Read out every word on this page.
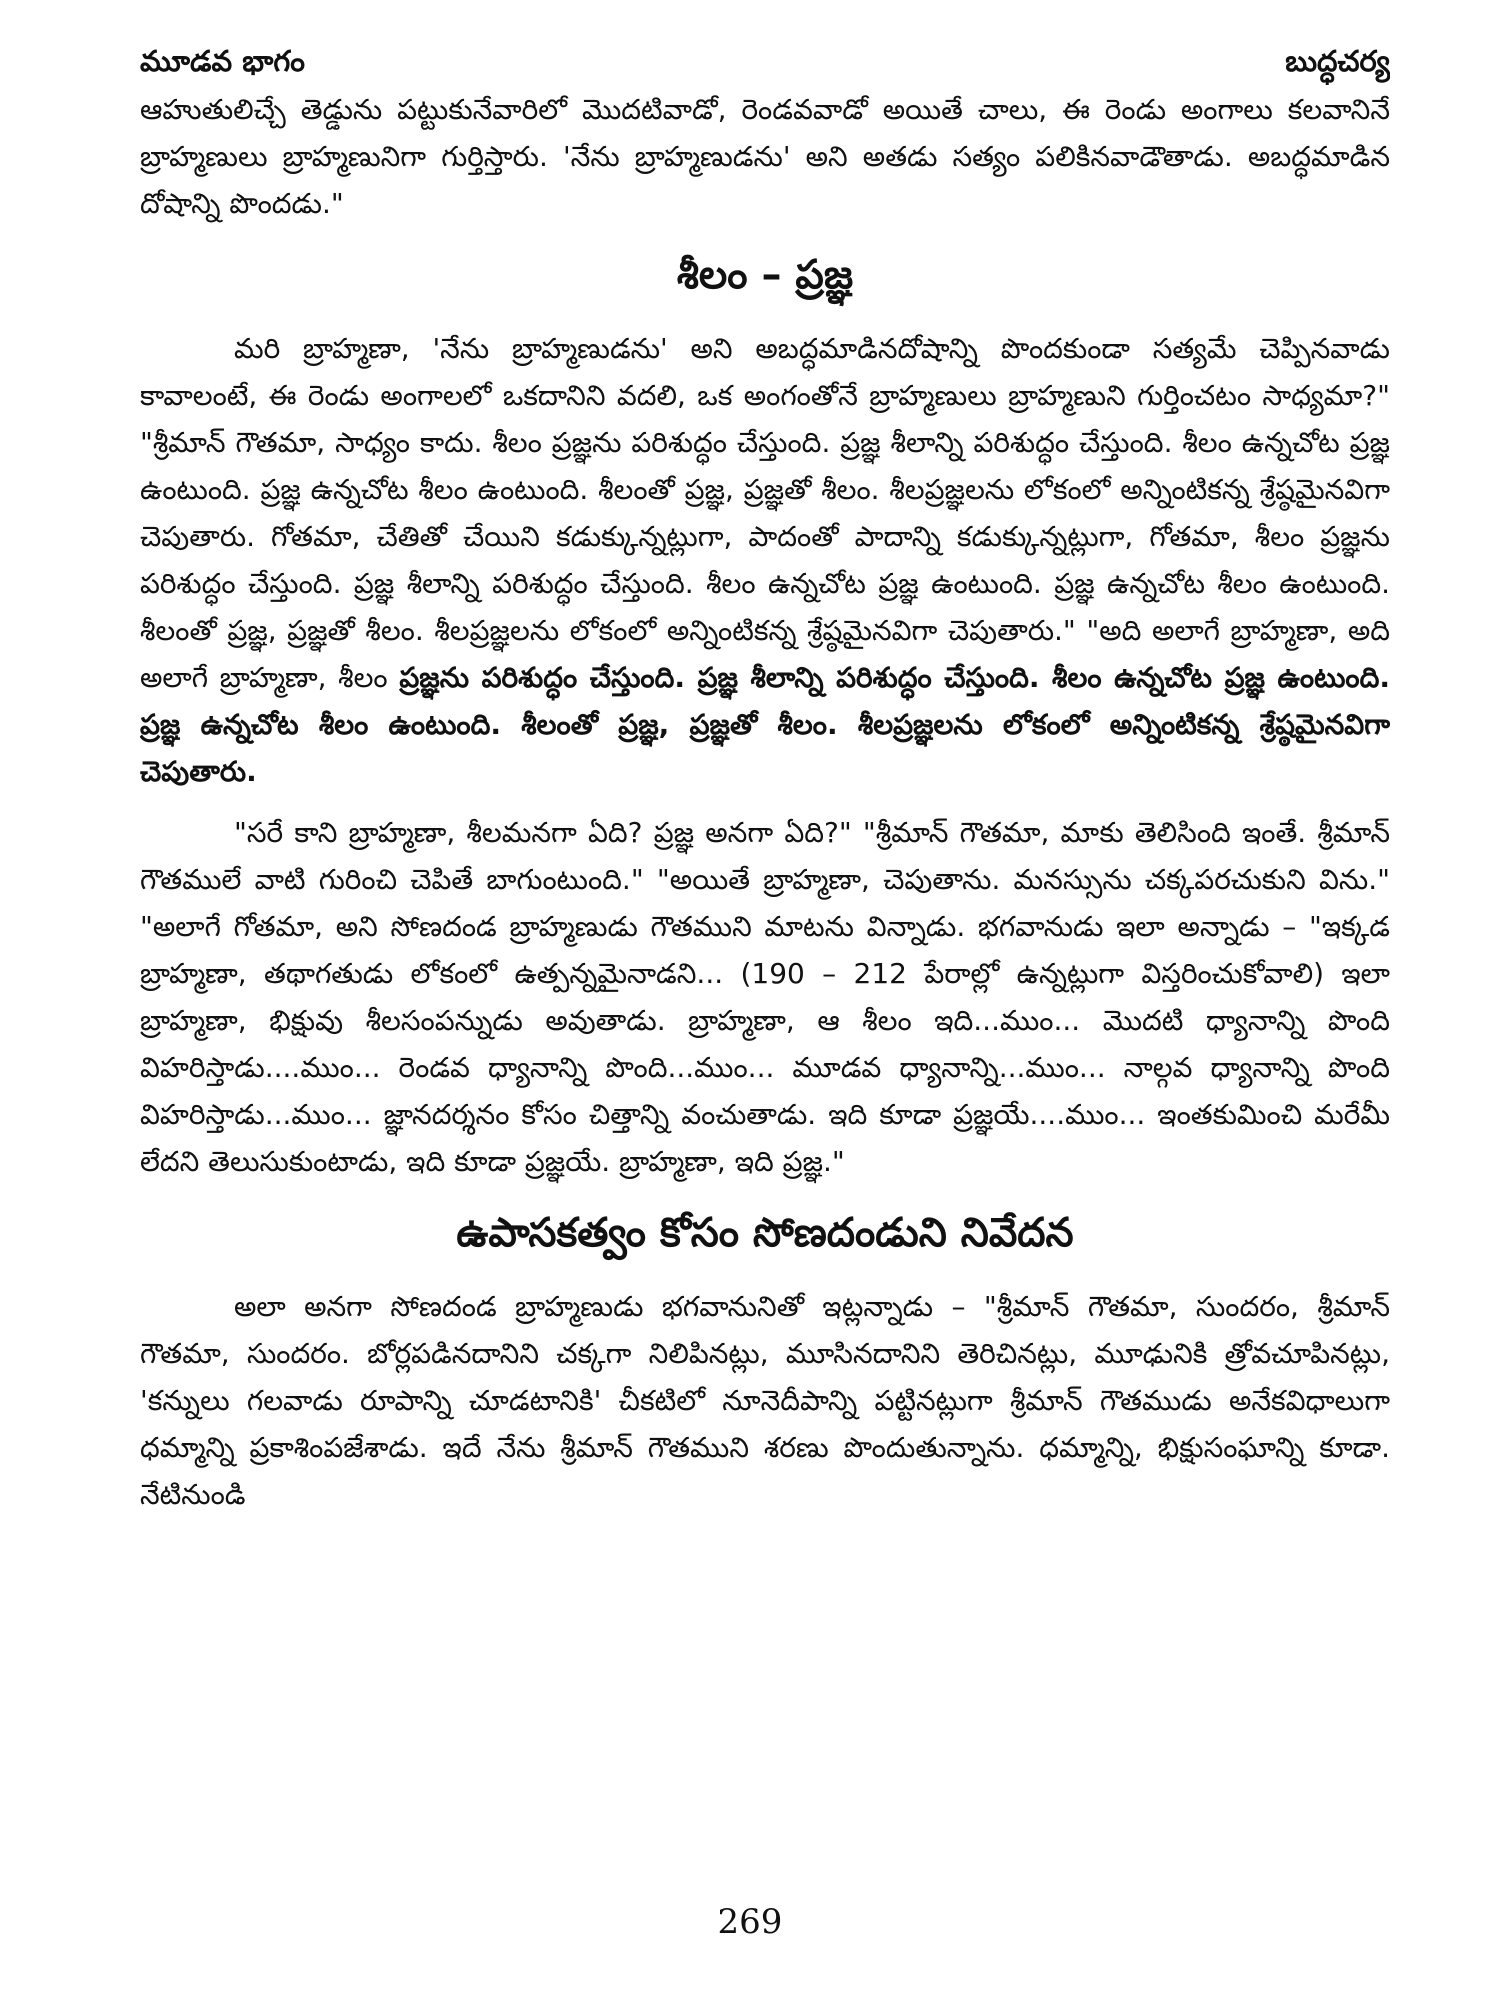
మూడవ భాగం	బుద్ధచర్య

ఆహుతులిచ్చే తెడ్డును పట్టుకునేవారిలో మొదటివాడో, రెండవవాడో అయితే చాలు, ఈ రెండు అంగాలు కలవానినే బ్రాహ్మణులు బ్రాహ్మణునిగా గుర్తిస్తారు. 'నేను బ్రాహ్మణుడను' అని అతడు సత్యం పలికినవాడౌతాడు. అబద్ధమాడిన దోషాన్ని పొందడు."

శీలం – ప్రజ్ఞ

మరి బ్రాహ్మణా, 'నేను బ్రాహ్మణుడను' అని అబద్ధమాడినదోషాన్ని పొందకుండా సత్యమే చెప్పినవాడు కావాలంటే, ఈ రెండు అంగాలలో ఒకదానిని వదలి, ఒక అంగంతోనే బ్రాహ్మణులు బ్రాహ్మణుని గుర్తించటం సాధ్యమా?" "శ్రీమాన్ గౌతమా, సాధ్యం కాదు. శీలం ప్రజ్ఞను పరిశుద్ధం చేస్తుంది. ప్రజ్ఞ శీలాన్ని పరిశుద్ధం చేస్తుంది. శీలం ఉన్నచోట ప్రజ్ఞ ఉంటుంది. ప్రజ్ఞ ఉన్నచోట శీలం ఉంటుంది. శీలంతో ప్రజ్ఞ, ప్రజ్ఞతో శీలం. శీలప్రజ్ఞలను లోకంలో అన్నింటికన్న శ్రేష్ఠమైనవిగా చెపుతారు. గోతమా, చేతితో చేయిని కడుక్కున్నట్లుగా, పాదంతో పాదాన్ని కడుక్కున్నట్లుగా, గోతమా, శీలం ప్రజ్ఞను పరిశుద్ధం చేస్తుంది. ప్రజ్ఞ శీలాన్ని పరిశుద్ధం చేస్తుంది. శీలం ఉన్నచోట ప్రజ్ఞ ఉంటుంది. ప్రజ్ఞ ఉన్నచోట శీలం ఉంటుంది. శీలంతో ప్రజ్ఞ, ప్రజ్ఞతో శీలం. శీలప్రజ్ఞలను లోకంలో అన్నింటికన్న శ్రేష్ఠమైనవిగా చెపుతారు." "అది అలాగే బ్రాహ్మణా, అది అలాగే బ్రాహ్మణా, శీలం ప్రజ్ఞను పరిశుద్ధం చేస్తుంది. ప్రజ్ఞ శీలాన్ని పరిశుద్ధం చేస్తుంది. శీలం ఉన్నచోట ప్రజ్ఞ ఉంటుంది. ప్రజ్ఞ ఉన్నచోట శీలం ఉంటుంది. శీలంతో ప్రజ్ఞ, ప్రజ్ఞతో శీలం. శీలప్రజ్ఞలను లోకంలో అన్నింటికన్న శ్రేష్ఠమైనవిగా చెపుతారు.

"సరే కాని బ్రాహ్మణా, శీలమనగా ఏది? ప్రజ్ఞ అనగా ఏది?" "శ్రీమాన్ గౌతమా, మాకు తెలిసింది ఇంతే. శ్రీమాన్ గౌతములే వాటి గురించి చెపితే బాగుంటుంది." "అయితే బ్రాహ్మణా, చెపుతాను. మనస్సును చక్కపరచుకుని విను." "అలాగే గోతమా, అని సోణదండ బ్రాహ్మణుడు గౌతముని మాటను విన్నాడు. భగవానుడు ఇలా అన్నాడు – "ఇక్కడ బ్రాహ్మణా, తథాగతుడు లోకంలో ఉత్పన్నమైనాడని... (190 – 212 పేరాల్లో ఉన్నట్లుగా విస్తరించుకోవాలి) ఇలా బ్రాహ్మణా, భిక్షువు శీలసంపన్నుడు అవుతాడు. బ్రాహ్మణా, ఆ శీలం ఇది...ముం... మొదటి ధ్యానాన్ని పొంది విహరిస్తాడు....ముం... రెండవ ధ్యానాన్ని పొంది...ముం... మూడవ ధ్యానాన్ని...ముం... నాల్గవ ధ్యానాన్ని పొంది విహరిస్తాడు...ముం... జ్ఞానదర్శనం కోసం చిత్తాన్ని వంచుతాడు. ఇది కూడా ప్రజ్ఞయే....ముం... ఇంతకుమించి మరేమీ లేదని తెలుసుకుంటాడు, ఇది కూడా ప్రజ్ఞయే. బ్రాహ్మణా, ఇది ప్రజ్ఞ."

ఉపాసకత్వం కోసం సోణదండుని నివేదన

అలా అనగా సోణదండ బ్రాహ్మణుడు భగవానునితో ఇట్లన్నాడు – "శ్రీమాన్ గౌతమా, సుందరం, శ్రీమాన్ గౌతమా, సుందరం. బోర్లపడినదానిని చక్కగా నిలిపినట్లు, మూసినదానిని తెరిచినట్లు, మూఢునికి త్రోవచూపినట్లు, 'కన్నులు గలవాడు రూపాన్ని చూడటానికి' చీకటిలో నూనెదీపాన్ని పట్టినట్లుగా శ్రీమాన్ గౌతముడు అనేకవిధాలుగా ధమ్మాన్ని ప్రకాశింపజేశాడు. ఇదే నేను శ్రీమాన్ గౌతముని శరణు పొందుతున్నాను. ధమ్మాన్ని, భిక్షుసంఘాన్ని కూడా. నేటినుండి

269
